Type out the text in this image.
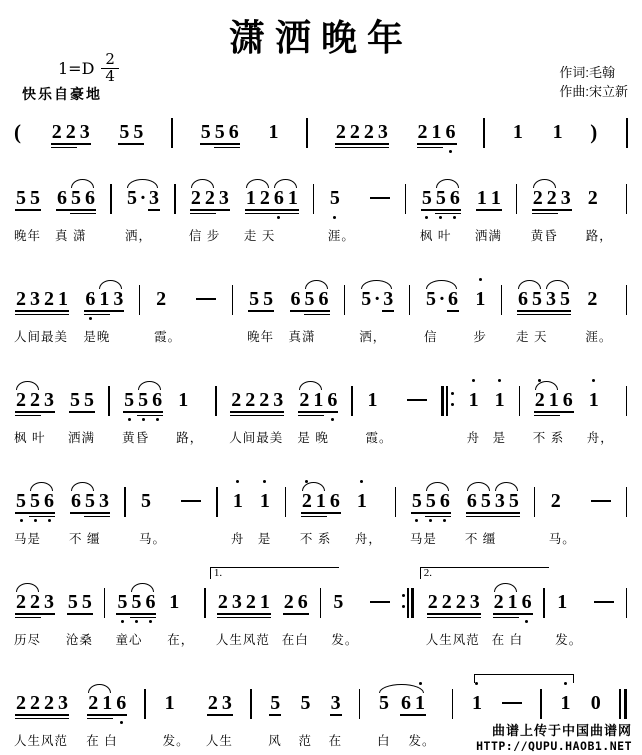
潇洒晚年
$1=D \frac{2}{4}$
快乐自豪地
作词:毛翰
作曲:宋立新
( 2 2 3 5 5	5 5 6 1	2 2 2 3 2 1 6	1 1 )
5 5
晚年
6 5 6
真 潇
5 · 3
洒，
2 2 3
信 步
1 2 6 1
走 天
5
涯。
5 5 6
枫 叶
1 1
洒满
2 2 3
黄昏
2
路，
2 3 2 1
人间最美
6 1 3
是晚
2
霞。
5 5
晚年
6 5 6
真潇
5 · 3
洒，
5 · 6
信
1
步
6 5 3 5
走 天
2
涯。
2 2 3
枫 叶
5 5
洒满
5 5 6
黄昏
1
路，
2 2 2 3
人间最美
2 1 6
是 晚
1
霞。
1
舟
1
是
2 1 6
不 系
1
舟，
5 5 6
马是
6 5 3
不 缰
5
马。
1
舟
1
是
2 1 6
不 系
1
舟，
5 5 6
马是
6 5 3 5
不 缰
2
马。
2 2 3
历尽
5 5
沧桑
5 5 6
童心
1
在，
1.
2 3 2 1
人生风范
2 6
在白
5
发。
2.
2 2 2 3
人生风范
2 1 6
在 白
1
发。
2 2 2 3
人生风范
2 1 6
在 白
1
发。
2 3
人生
5
风
5
范
3
在
5 6 1
白　 发。
1	1 0
曲谱上传于中国曲谱网
HTTP://QUPU.HAOB1.NET
